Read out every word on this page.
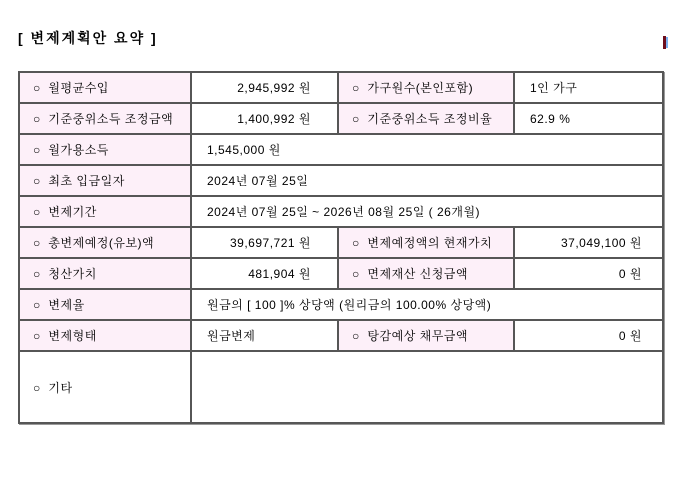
[ 변제계획안 요약 ]
○  월평균수입	2,945,992 원	○  가구원수(본인포함)	1인 가구
○  기준중위소득 조정금액	1,400,992 원	○  기준중위소득 조정비율	62.9 %
○  월가용소득	1,545,000 원		
○  최초 입금일자	2024년 07월 25일		
○  변제기간	2024년 07월 25일 ~ 2026년 08월 25일 ( 26개월)		
○  총변제예정(유보)액	39,697,721 원	○  변제예정액의 현재가치	37,049,100 원
○  청산가치	481,904 원	○  면제재산 신청금액	0 원
○  변제율	원금의 [ 100 ]% 상당액 (원리금의 100.00% 상당액)		
○  변제형태	원금변제	○  탕감예상 채무금액	0 원
○  기타			
